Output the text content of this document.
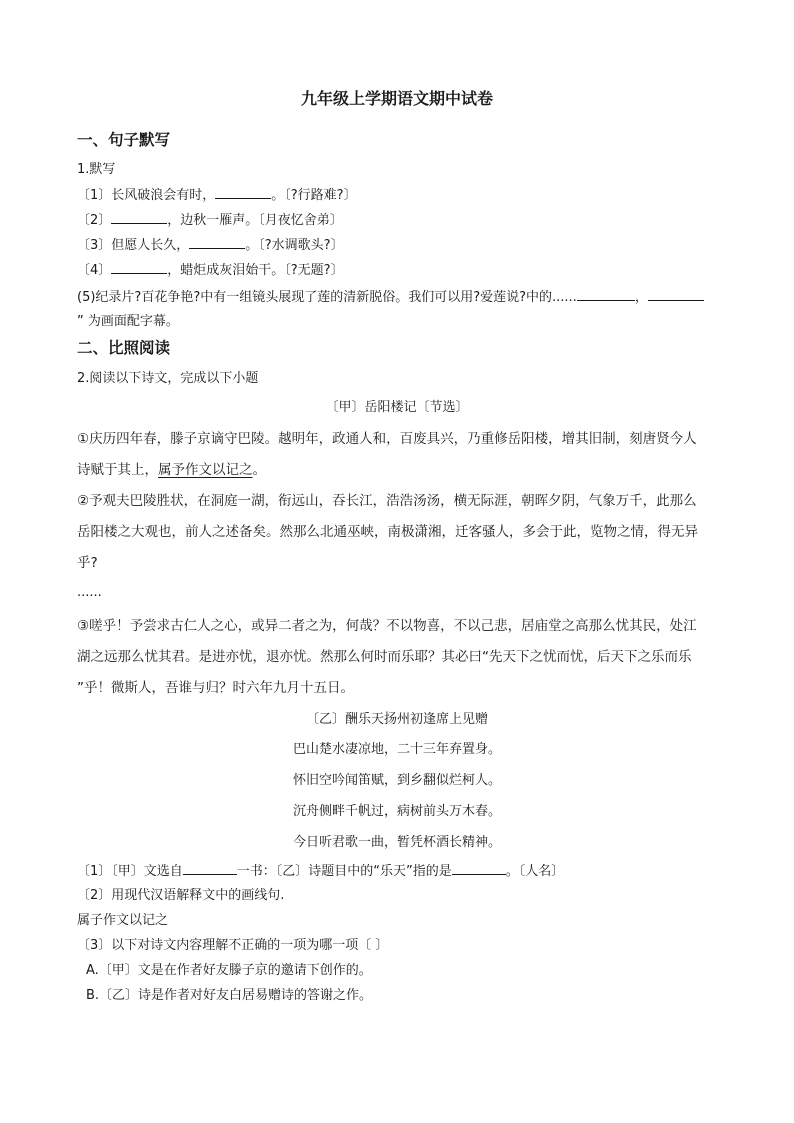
九年级上学期语文期中试卷
一、句子默写
1.默写
〔1〕长风破浪会有时，	。〔?行路难?〕
〔2〕	，边秋一雁声。〔月夜忆舍弟〕
〔3〕但愿人长久，	。〔?水调歌头?〕
〔4〕	，蜡炬成灰泪始干。〔?无题?〕
(5)纪录片?百花争艳?中有一组镜头展现了莲的清新脱俗。我们可以用?爱莲说?中的......	，
” 为画面配字幕。
二、比照阅读
2.阅读以下诗文，完成以下小题
〔甲〕岳阳楼记〔节选〕
①庆历四年春，滕子京谪守巴陵。越明年，政通人和，百废具兴，乃重修岳阳楼，增其旧制，刻唐贤今人
诗赋于其上，属予作文以记之。
②予观夫巴陵胜状，在洞庭一湖，衔远山，吞长江，浩浩汤汤，横无际涯，朝晖夕阴，气象万千，此那么
岳阳楼之大观也，前人之述备矣。然那么北通巫峡，南极潇湘，迁客骚人，多会于此，览物之情，得无异
乎?
......
③嗟乎！予尝求古仁人之心，或异二者之为，何哉？不以物喜，不以己悲，居庙堂之高那么忧其民，处江
湖之远那么忧其君。是进亦忧，退亦忧。然那么何时而乐耶？其必曰“先天下之忧而忧，后天下之乐而乐
”乎！微斯人，吾谁与归？时六年九月十五日。
〔乙〕酬乐天扬州初逢席上见赠
巴山楚水凄凉地，二十三年弃置身。
怀旧空吟闻笛赋，到乡翻似烂柯人。
沉舟侧畔千帆过，病树前头万木春。
今日听君歌一曲，暂凭杯酒长精神。
〔1〕〔甲〕文选自	一书：〔乙〕诗题目中的“乐天”指的是	。〔人名〕
〔2〕用现代汉语解释文中的画线句.
属子作文以记之
〔3〕以下对诗文内容理解不正确的一项为哪一项〔 〕
A.〔甲〕文是在作者好友滕子京的邀请下创作的。
B.〔乙〕诗是作者对好友白居易赠诗的答谢之作。
